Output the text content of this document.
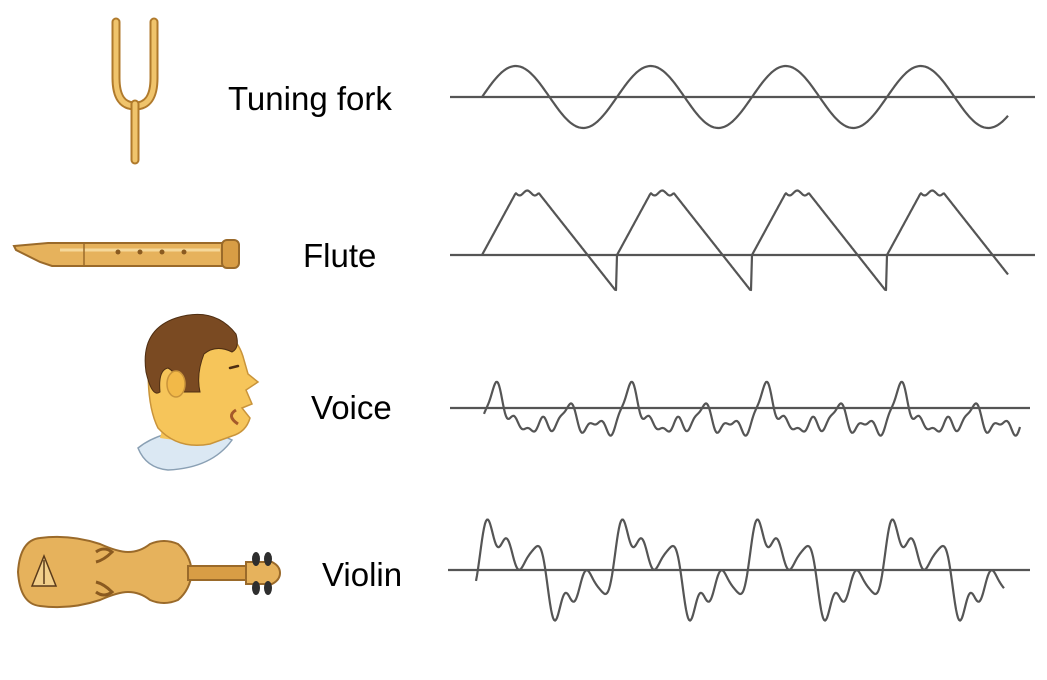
Tuning fork
Flute
Voice
Violin
